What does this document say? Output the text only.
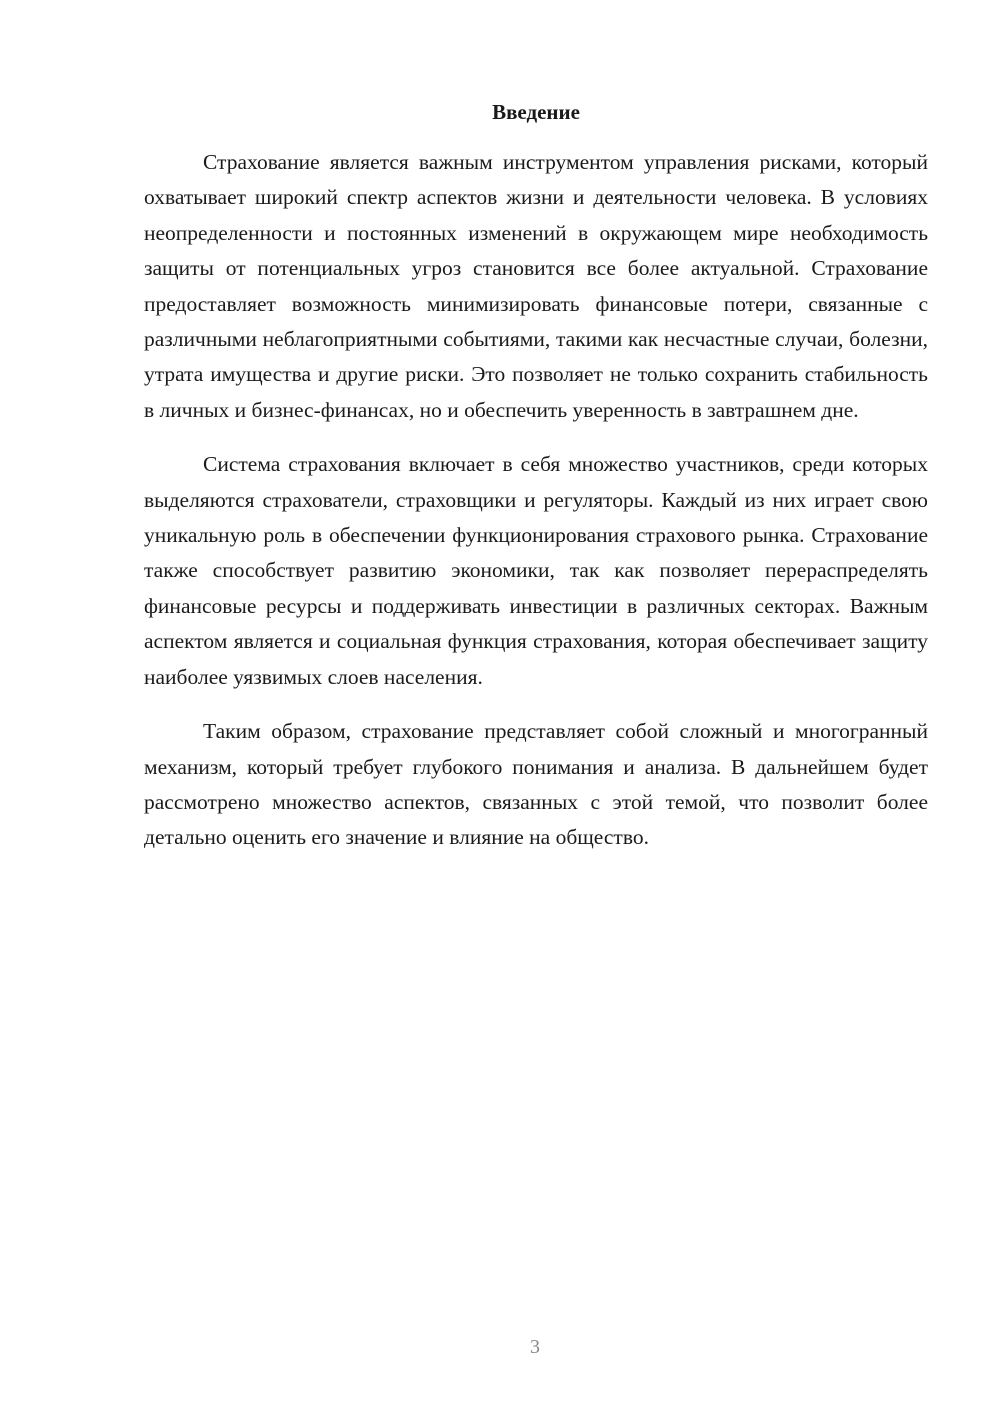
Введение

Страхование является важным инструментом управления рисками, который охватывает широкий спектр аспектов жизни и деятельности человека. В условиях неопределенности и постоянных изменений в окружающем мире необходимость защиты от потенциальных угроз становится все более актуальной. Страхование предоставляет возможность минимизировать финансовые потери, связанные с различными неблагоприятными событиями, такими как несчастные случаи, болезни, утрата имущества и другие риски. Это позволяет не только сохранить стабильность в личных и бизнес-финансах, но и обеспечить уверенность в завтрашнем дне.

Система страхования включает в себя множество участников, среди которых выделяются страхователи, страховщики и регуляторы. Каждый из них играет свою уникальную роль в обеспечении функционирования страхового рынка. Страхование также способствует развитию экономики, так как позволяет перераспределять финансовые ресурсы и поддерживать инвестиции в различных секторах. Важным аспектом является и социальная функция страхования, которая обеспечивает защиту наиболее уязвимых слоев населения.

Таким образом, страхование представляет собой сложный и многогранный механизм, который требует глубокого понимания и анализа. В дальнейшем будет рассмотрено множество аспектов, связанных с этой темой, что позволит более детально оценить его значение и влияние на общество.

3
